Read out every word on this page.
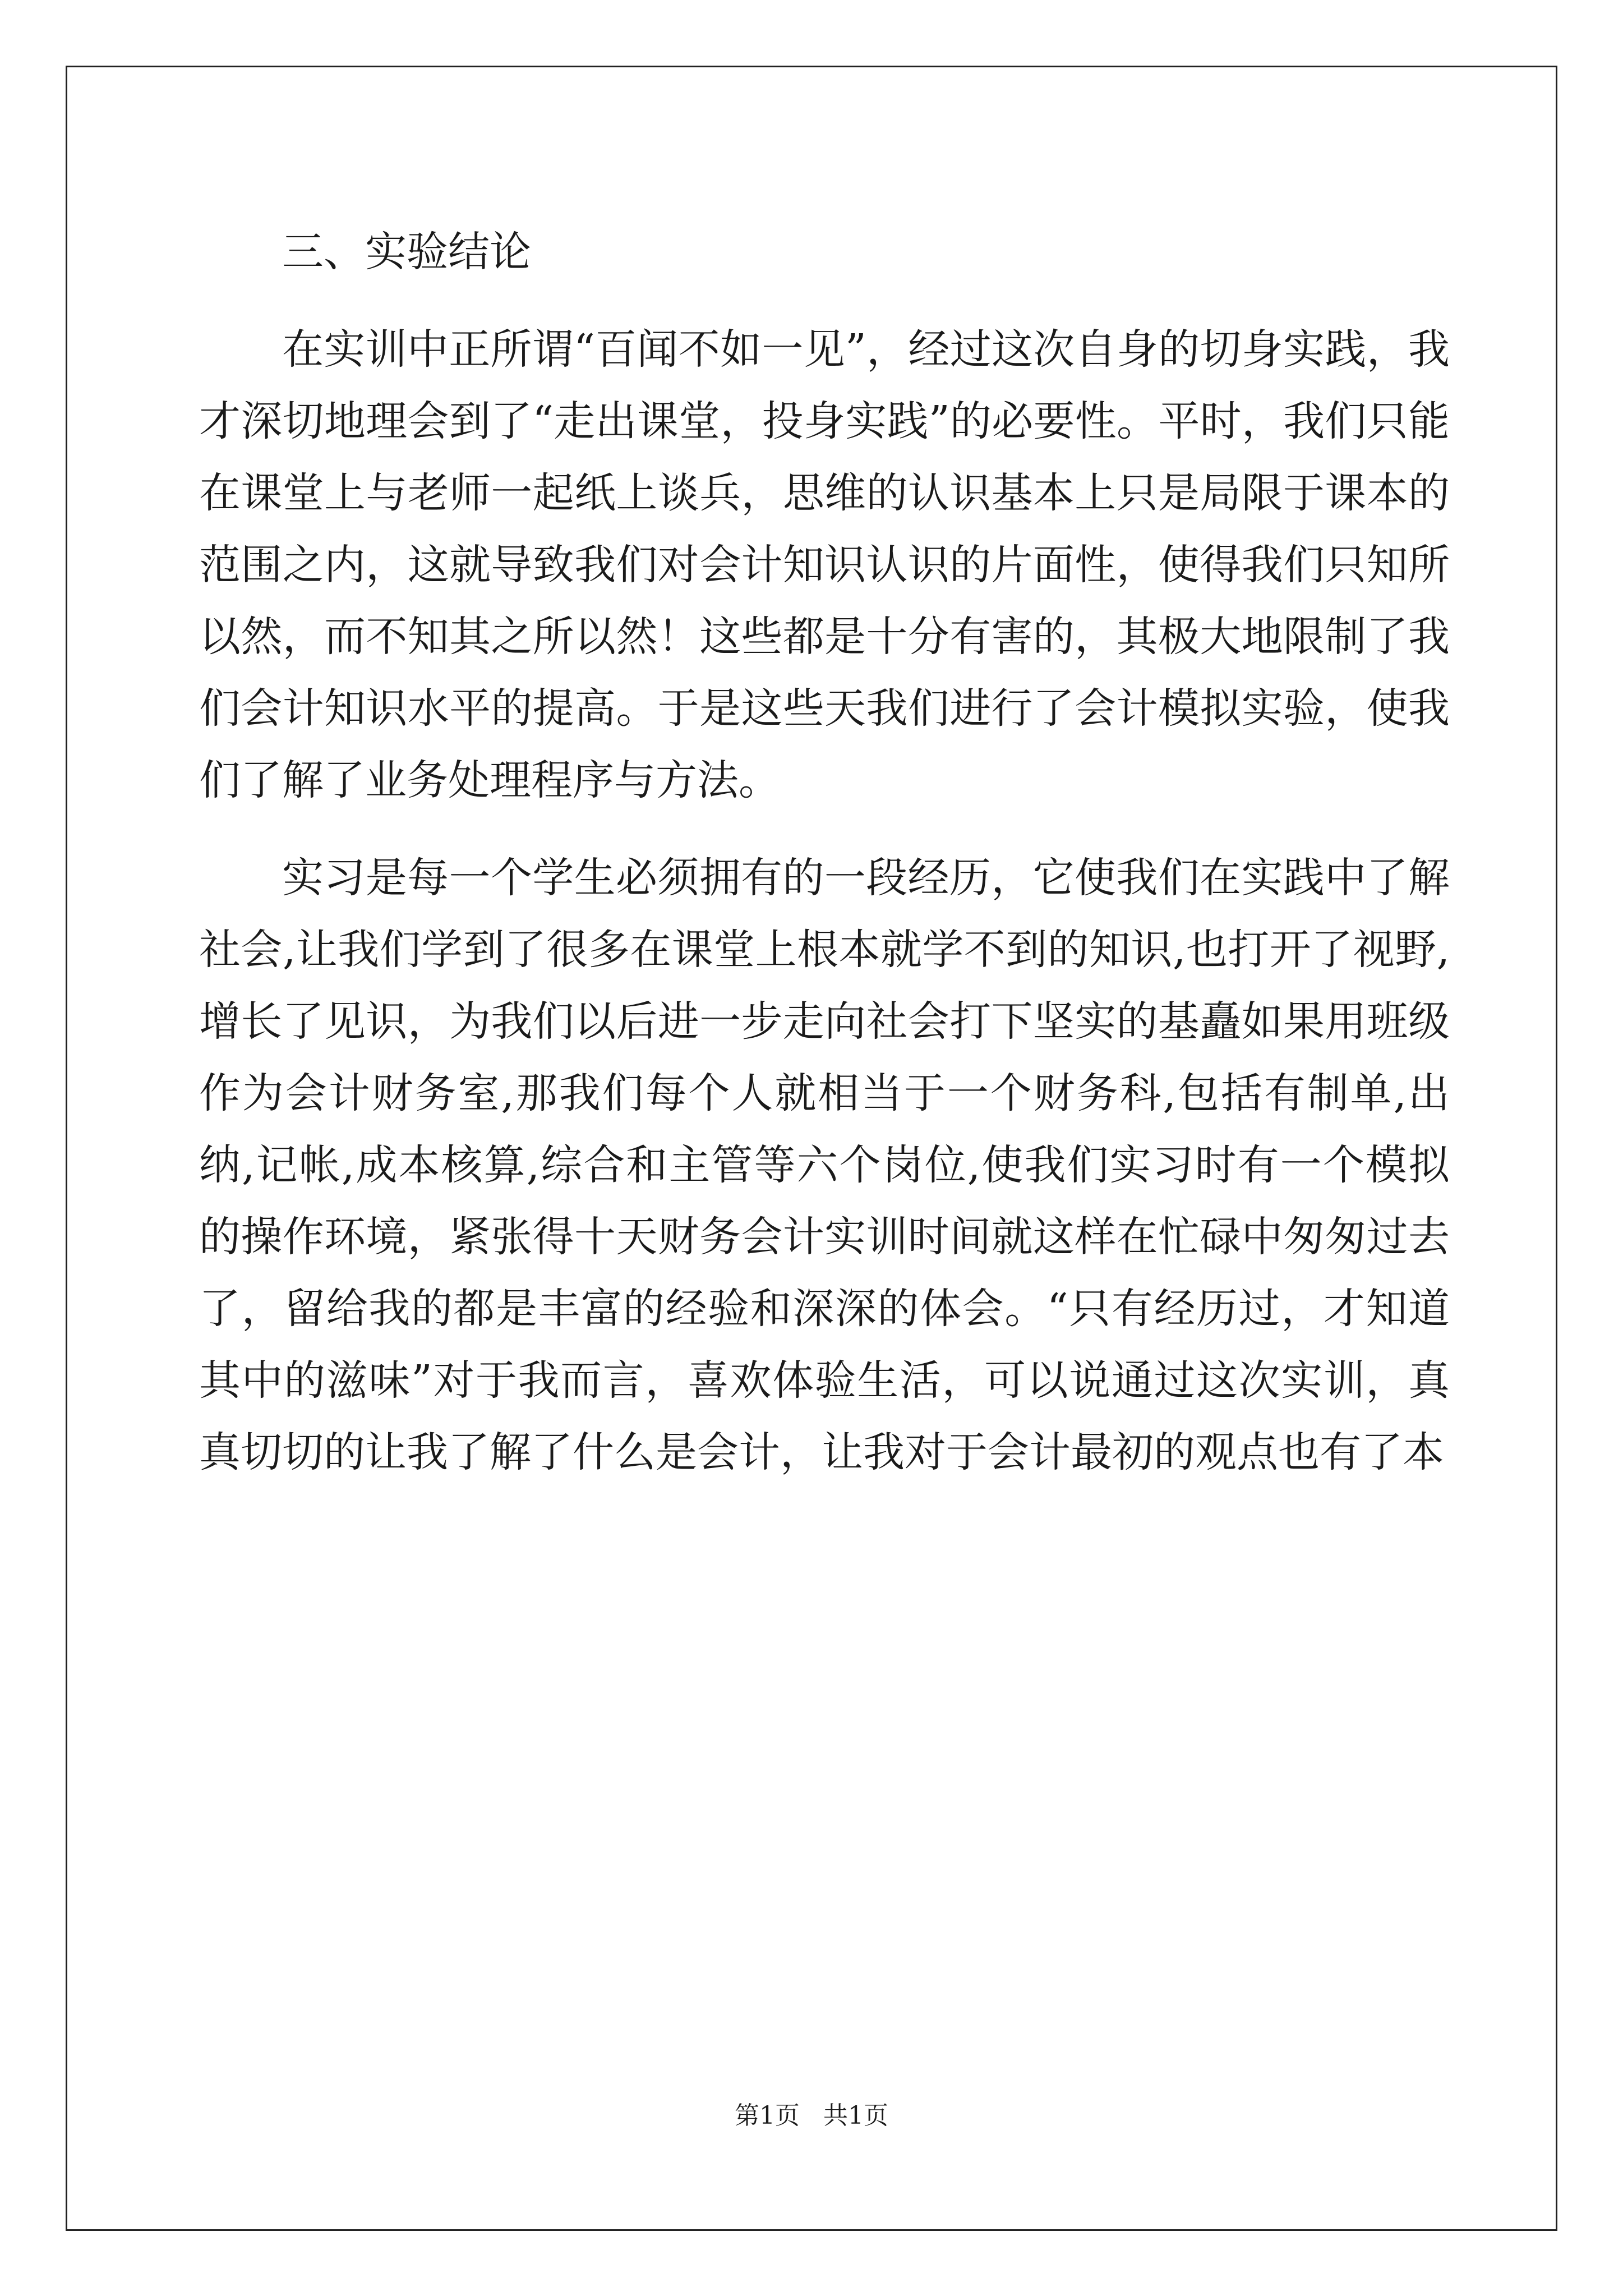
三、实验结论

在实训中正所谓“百闻不如一见”，经过这次自身的切身实践，我才深切地理会到了“走出课堂，投身实践”的必要性。平时，我们只能在课堂上与老师一起纸上谈兵，思维的认识基本上只是局限于课本的范围之内，这就导致我们对会计知识认识的片面性，使得我们只知所以然，而不知其之所以然！这些都是十分有害的，其极大地限制了我们会计知识水平的提高。于是这些天我们进行了会计模拟实验，使我们了解了业务处理程序与方法。

实习是每一个学生必须拥有的一段经历，它使我们在实践中了解社会,让我们学到了很多在课堂上根本就学不到的知识,也打开了视野,增长了见识，为我们以后进一步走向社会打下坚实的基矗如果用班级作为会计财务室,那我们每个人就相当于一个财务科,包括有制单,出纳,记帐,成本核算,综合和主管等六个岗位,使我们实习时有一个模拟的操作环境，紧张得十天财务会计实训时间就这样在忙碌中匆匆过去了，留给我的都是丰富的经验和深深的体会。“只有经历过，才知道其中的滋味”对于我而言，喜欢体验生活，可以说通过这次实训，真真切切的让我了解了什么是会计，让我对于会计最初的观点也有了本

第1页   共1页
